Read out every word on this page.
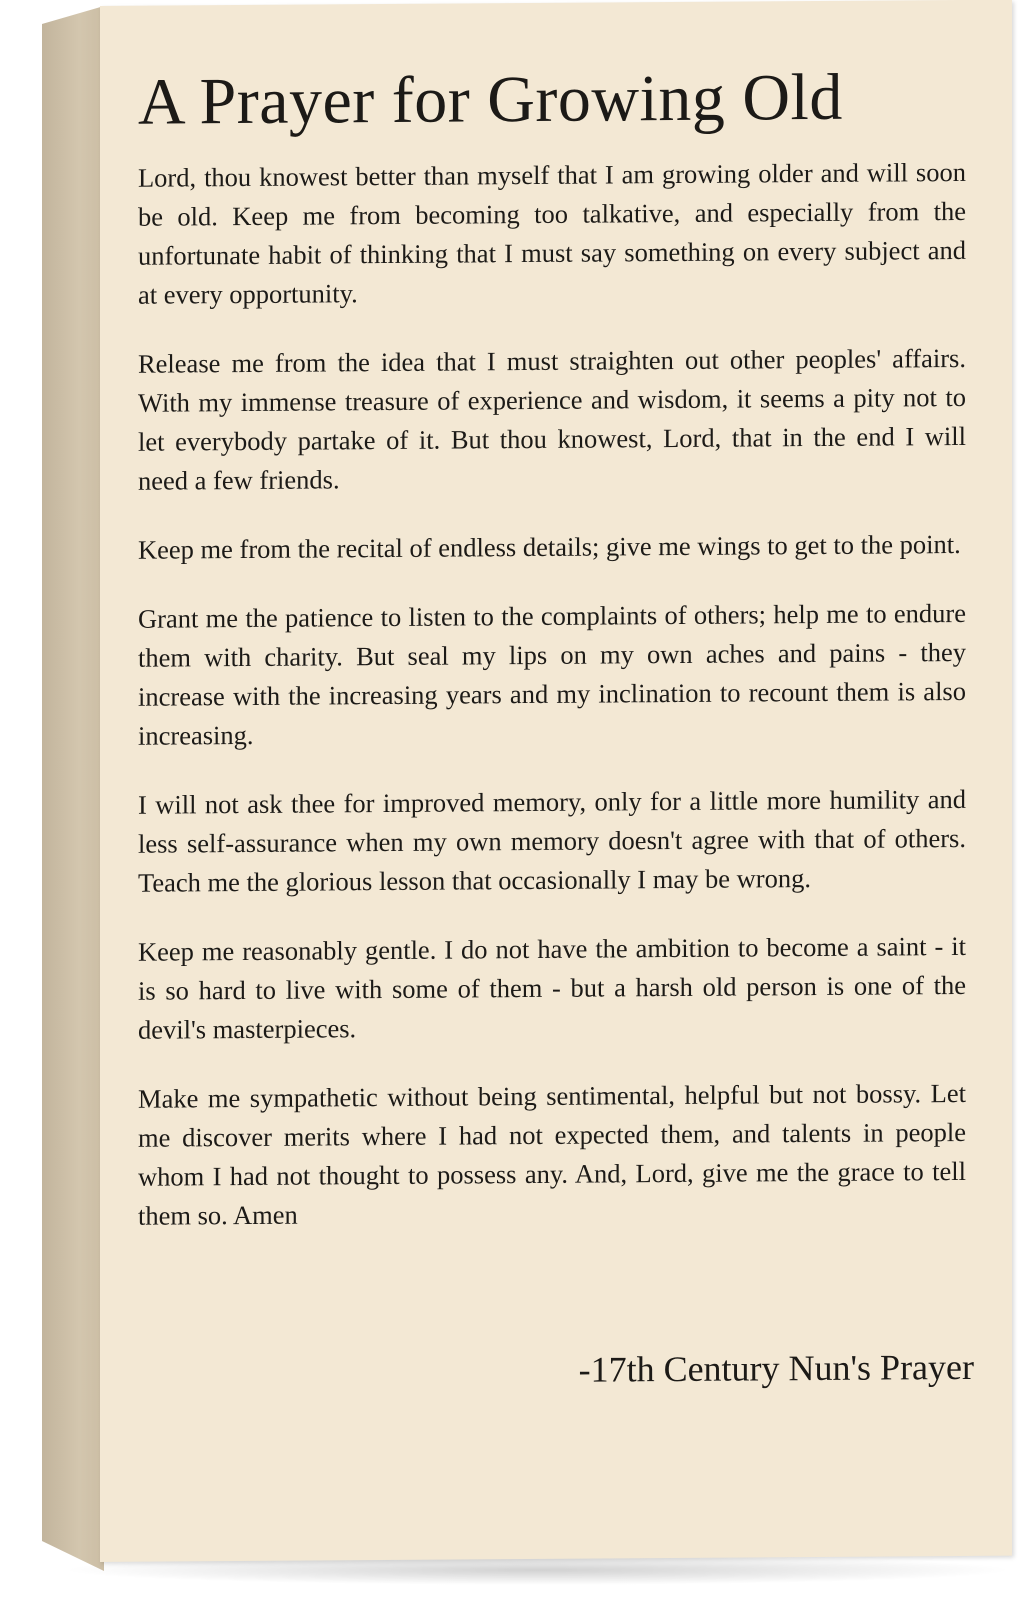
A Prayer for Growing Old

Lord, thou knowest better than myself that I am growing older and will soon be old. Keep me from becoming too talkative, and especially from the unfortunate habit of thinking that I must say something on every subject and at every opportunity.

Release me from the idea that I must straighten out other peoples' affairs. With my immense treasure of experience and wisdom, it seems a pity not to let everybody partake of it. But thou knowest, Lord, that in the end I will need a few friends.

Keep me from the recital of endless details; give me wings to get to the point.

Grant me the patience to listen to the complaints of others; help me to endure them with charity. But seal my lips on my own aches and pains - they increase with the increasing years and my inclination to recount them is also increasing.

I will not ask thee for improved memory, only for a little more humility and less self-assurance when my own memory doesn't agree with that of others. Teach me the glorious lesson that occasionally I may be wrong.

Keep me reasonably gentle. I do not have the ambition to become a saint - it is so hard to live with some of them - but a harsh old person is one of the devil's masterpieces.

Make me sympathetic without being sentimental, helpful but not bossy. Let me discover merits where I had not expected them, and talents in people whom I had not thought to possess any. And, Lord, give me the grace to tell them so. Amen

-17th Century Nun's Prayer
